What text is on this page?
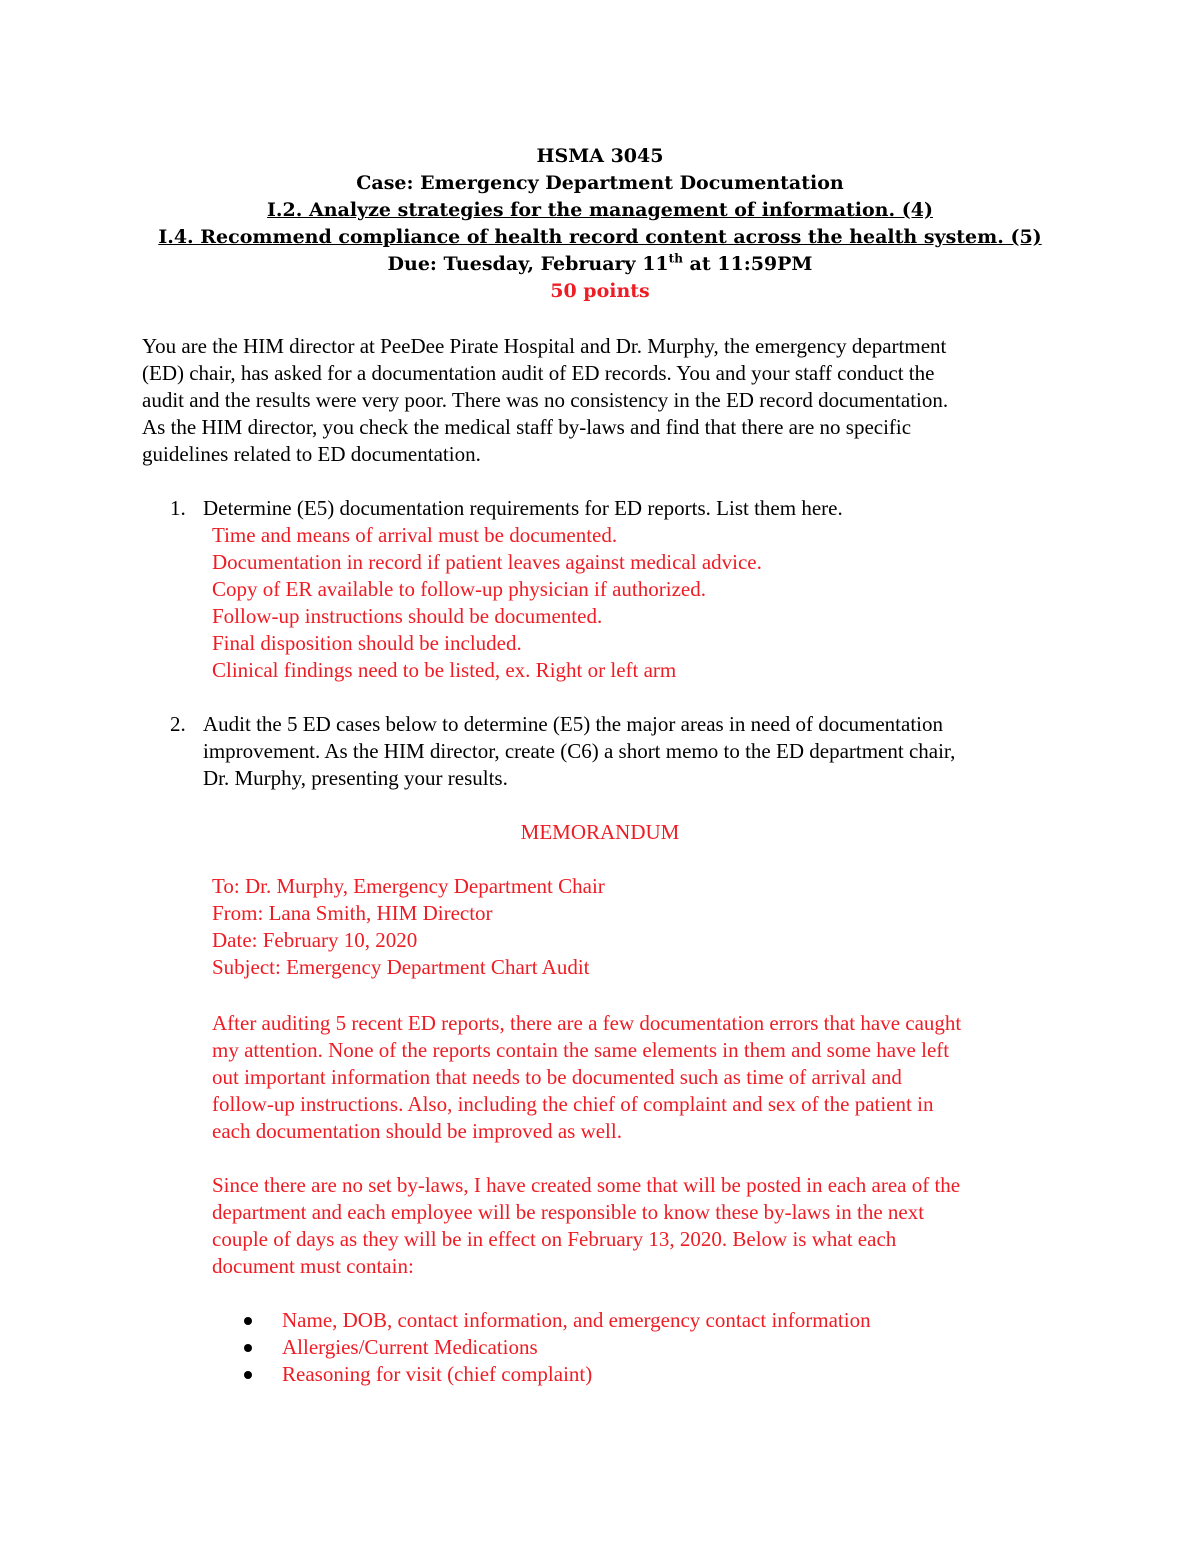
HSMA 3045
Case: Emergency Department Documentation
I.2. Analyze strategies for the management of information. (4)
I.4. Recommend compliance of health record content across the health system. (5)
Due: Tuesday, February 11th at 11:59PM
50 points
You are the HIM director at PeeDee Pirate Hospital and Dr. Murphy, the emergency department
(ED) chair, has asked for a documentation audit of ED records. You and your staff conduct the
audit and the results were very poor. There was no consistency in the ED record documentation.
As the HIM director, you check the medical staff by-laws and find that there are no specific
guidelines related to ED documentation.
1. Determine (E5) documentation requirements for ED reports. List them here.
Time and means of arrival must be documented.
Documentation in record if patient leaves against medical advice.
Copy of ER available to follow-up physician if authorized.
Follow-up instructions should be documented.
Final disposition should be included.
Clinical findings need to be listed, ex. Right or left arm
2. Audit the 5 ED cases below to determine (E5) the major areas in need of documentation
improvement. As the HIM director, create (C6) a short memo to the ED department chair,
Dr. Murphy, presenting your results.
MEMORANDUM
To: Dr. Murphy, Emergency Department Chair
From: Lana Smith, HIM Director
Date: February 10, 2020
Subject: Emergency Department Chart Audit
After auditing 5 recent ED reports, there are a few documentation errors that have caught
my attention. None of the reports contain the same elements in them and some have left
out important information that needs to be documented such as time of arrival and
follow-up instructions. Also, including the chief of complaint and sex of the patient in
each documentation should be improved as well.
Since there are no set by-laws, I have created some that will be posted in each area of the
department and each employee will be responsible to know these by-laws in the next
couple of days as they will be in effect on February 13, 2020. Below is what each
document must contain:
Name, DOB, contact information, and emergency contact information
Allergies/Current Medications
Reasoning for visit (chief complaint)
